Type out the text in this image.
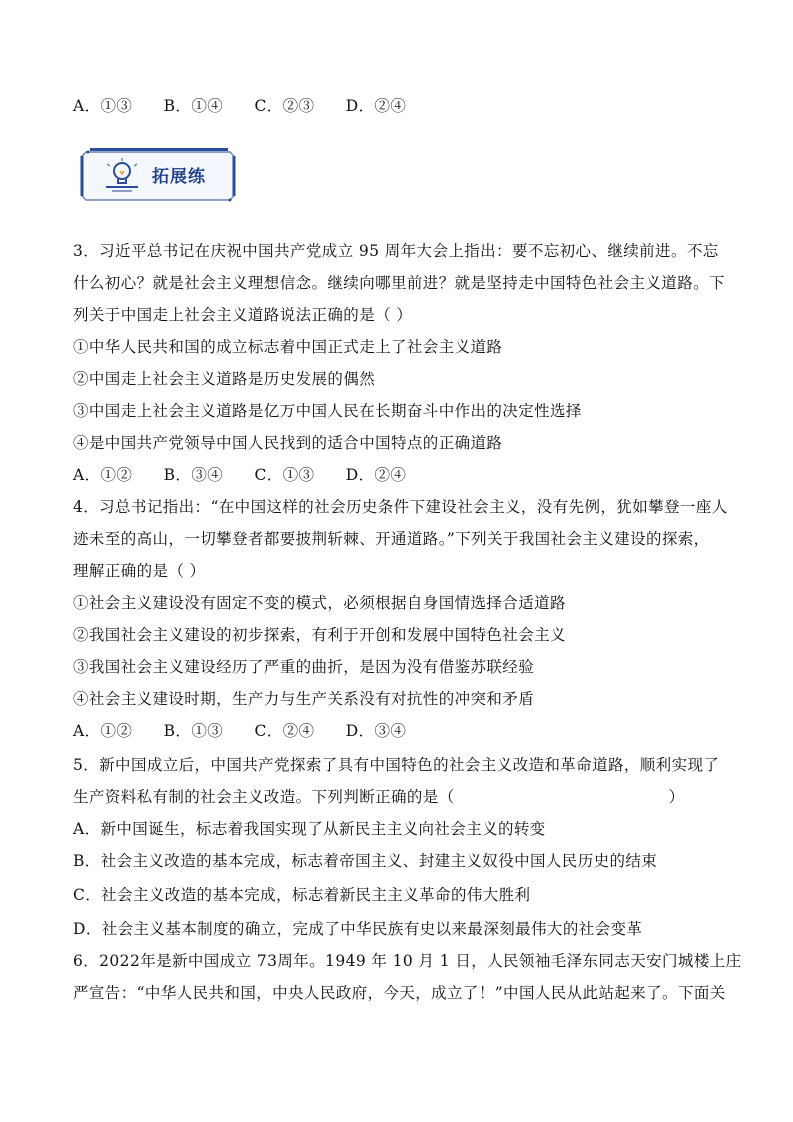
A．①③ B．①④ C．②③ D．②④
拓展练
3．习近平总书记在庆祝中国共产党成立 95 周年大会上指出：要不忘初心、继续前进。不忘
什么初心？就是社会主义理想信念。继续向哪里前进？就是坚持走中国特色社会主义道路。下
列关于中国走上社会主义道路说法正确的是（ ）
①中华人民共和国的成立标志着中国正式走上了社会主义道路
②中国走上社会主义道路是历史发展的偶然
③中国走上社会主义道路是亿万中国人民在长期奋斗中作出的决定性选择
④是中国共产党领导中国人民找到的适合中国特点的正确道路
A．①② B．③④ C．①③ D．②④
4．习总书记指出：“在中国这样的社会历史条件下建设社会主义，没有先例，犹如攀登一座人
迹未至的高山，一切攀登者都要披荆斩棘、开通道路。”下列关于我国社会主义建设的探索，
理解正确的是（ ）
①社会主义建设没有固定不变的模式，必须根据自身国情选择合适道路
②我国社会主义建设的初步探索，有利于开创和发展中国特色社会主义
③我国社会主义建设经历了严重的曲折，是因为没有借鉴苏联经验
④社会主义建设时期，生产力与生产关系没有对抗性的冲突和矛盾
A．①② B．①③ C．②④ D．③④
5．新中国成立后，中国共产党探索了具有中国特色的社会主义改造和革命道路，顺利实现了
生产资料私有制的社会主义改造。下列判断正确的是（	）
A．新中国诞生，标志着我国实现了从新民主主义向社会主义的转变
B．社会主义改造的基本完成，标志着帝国主义、封建主义奴役中国人民历史的结束
C．社会主义改造的基本完成，标志着新民主主义革命的伟大胜利
D．社会主义基本制度的确立，完成了中华民族有史以来最深刻最伟大的社会变革
6．2022年是新中国成立 73周年。1949 年 10 月 1 日，人民领袖毛泽东同志天安门城楼上庄
严宣告：“中华人民共和国，中央人民政府，今天，成立了！”中国人民从此站起来了。下面关
